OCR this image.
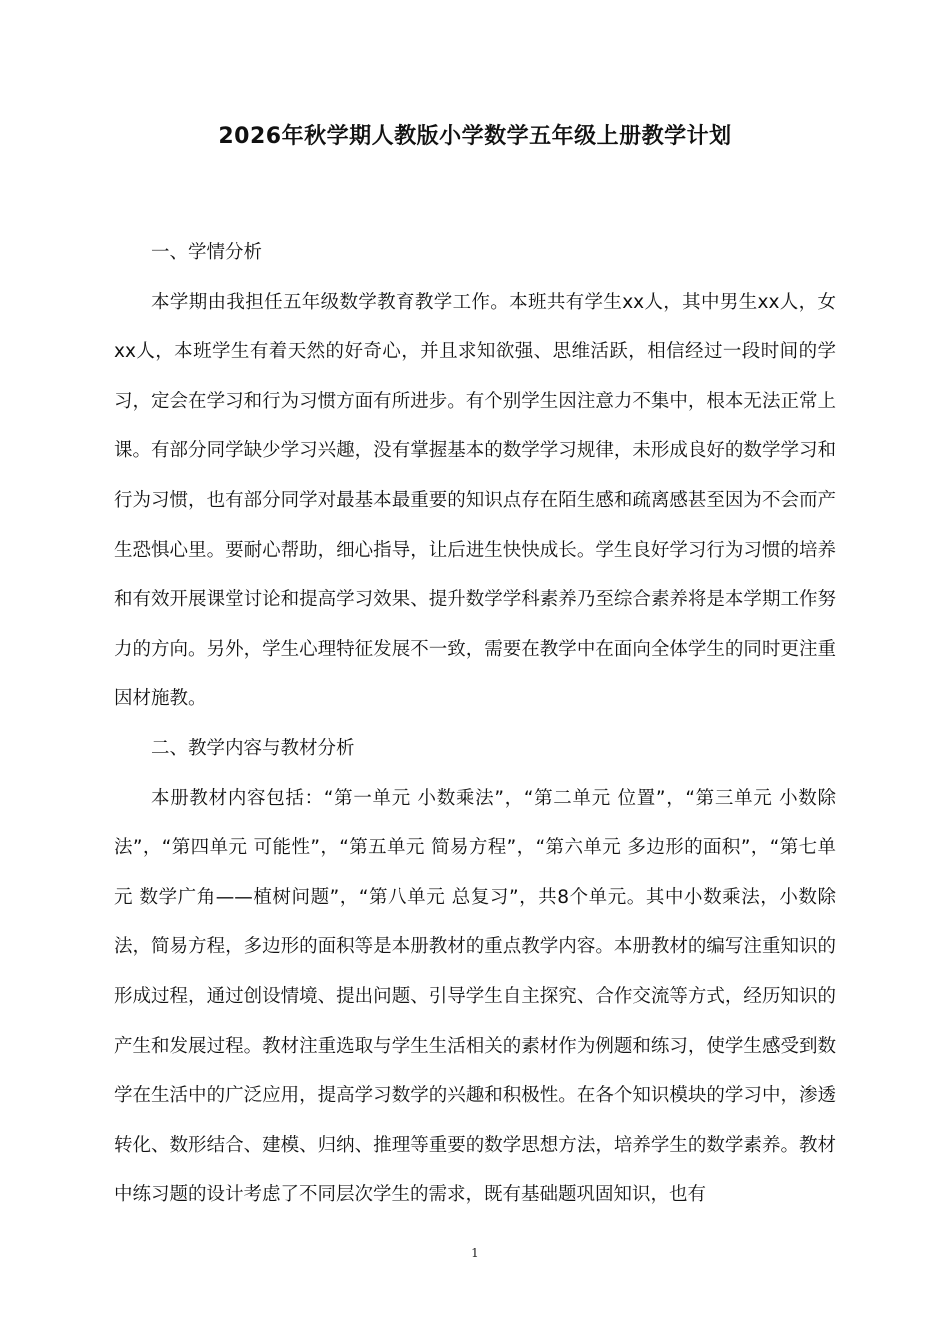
2026年秋学期人教版小学数学五年级上册教学计划

一、学情分析

本学期由我担任五年级数学教育教学工作。本班共有学生xx人，其中男生xx人，女xx人，本班学生有着天然的好奇心，并且求知欲强、思维活跃，相信经过一段时间的学习，定会在学习和行为习惯方面有所进步。有个别学生因注意力不集中，根本无法正常上课。有部分同学缺少学习兴趣，没有掌握基本的数学学习规律，未形成良好的数学学习和行为习惯，也有部分同学对最基本最重要的知识点存在陌生感和疏离感甚至因为不会而产生恐惧心里。要耐心帮助，细心指导，让后进生快快成长。学生良好学习行为习惯的培养和有效开展课堂讨论和提高学习效果、提升数学学科素养乃至综合素养将是本学期工作努力的方向。另外，学生心理特征发展不一致，需要在教学中在面向全体学生的同时更注重因材施教。

二、教学内容与教材分析

本册教材内容包括：“第一单元 小数乘法”，“第二单元 位置”，“第三单元 小数除法”，“第四单元 可能性”，“第五单元 简易方程”，“第六单元 多边形的面积”，“第七单元 数学广角——植树问题”，“第八单元 总复习”，共8个单元。其中小数乘法，小数除法，简易方程，多边形的面积等是本册教材的重点教学内容。本册教材的编写注重知识的形成过程，通过创设情境、提出问题、引导学生自主探究、合作交流等方式，经历知识的产生和发展过程。教材注重选取与学生生活相关的素材作为例题和练习，使学生感受到数学在生活中的广泛应用，提高学习数学的兴趣和积极性。在各个知识模块的学习中，渗透转化、数形结合、建模、归纳、推理等重要的数学思想方法，培养学生的数学素养。教材中练习题的设计考虑了不同层次学生的需求，既有基础题巩固知识，也有

1
